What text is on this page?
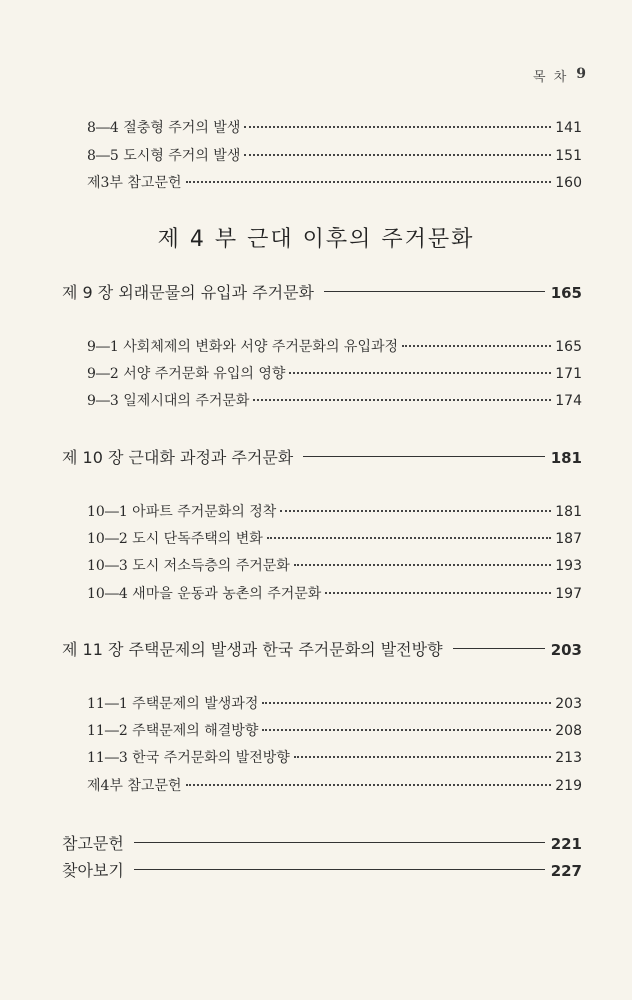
목 차 9
8―4 절충형 주거의 발생	141
8―5 도시형 주거의 발생	151
제3부 참고문헌	160
제 4 부 근대 이후의 주거문화
제 9 장 외래문물의 유입과 주거문화	165
9―1 사회체제의 변화와 서양 주거문화의 유입과정	165
9―2 서양 주거문화 유입의 영향	171
9―3 일제시대의 주거문화	174
제 10 장 근대화 과정과 주거문화	181
10―1 아파트 주거문화의 정착	181
10―2 도시 단독주택의 변화	187
10―3 도시 저소득층의 주거문화	193
10―4 새마을 운동과 농촌의 주거문화	197
제 11 장 주택문제의 발생과 한국 주거문화의 발전방향	203
11―1 주택문제의 발생과정	203
11―2 주택문제의 해결방향	208
11―3 한국 주거문화의 발전방향	213
제4부 참고문헌	219
참고문헌	221
찾아보기	227
